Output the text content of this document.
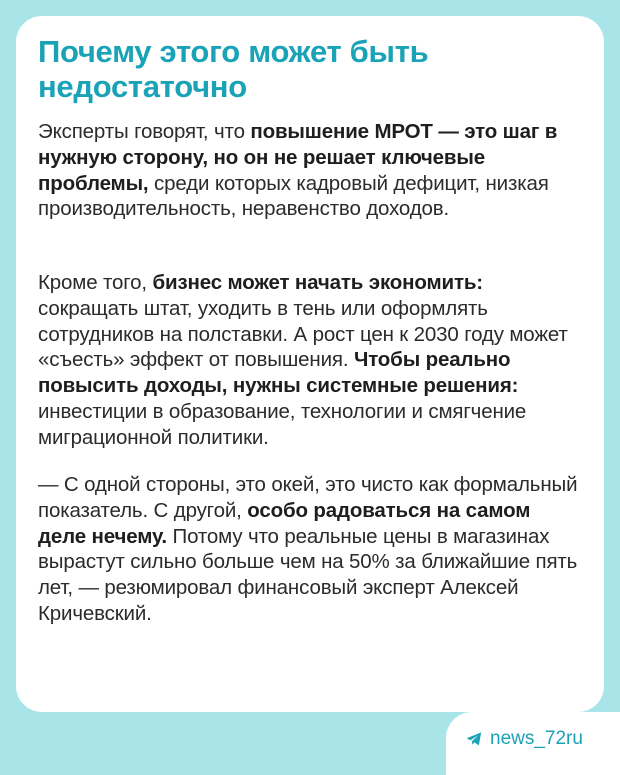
Почему этого может быть недостаточно

Эксперты говорят, что повышение МРОТ — это шаг в нужную сторону, но он не решает ключевые проблемы, среди которых кадровый дефицит, низкая производительность, неравенство доходов.

Кроме того, бизнес может начать экономить: сокращать штат, уходить в тень или оформлять сотрудников на полставки. А рост цен к 2030 году может «съесть» эффект от повышения. Чтобы реально повысить доходы, нужны системные решения: инвестиции в образование, технологии и смягчение миграционной политики.

— С одной стороны, это окей, это чисто как формальный показатель. С другой, особо радоваться на самом деле нечему. Потому что реальные цены в магазинах вырастут сильно больше чем на 50% за ближайшие пять лет, — резюмировал финансовый эксперт Алексей Кричевский.

news_72ru
